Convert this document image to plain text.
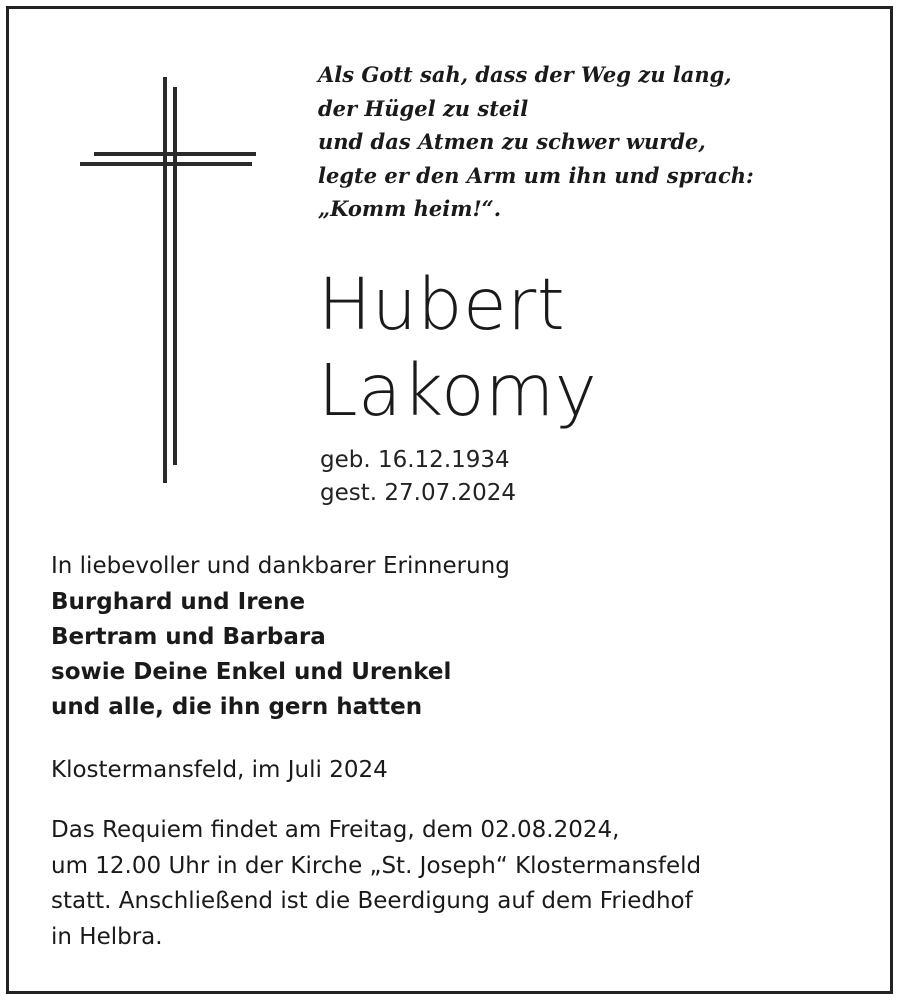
Als Gott sah, dass der Weg zu lang,
der Hügel zu steil
und das Atmen zu schwer wurde,
legte er den Arm um ihn und sprach:
„Komm heim!“.
Hubert
Lakomy
geb. 16.12.1934
gest. 27.07.2024
In liebevoller und dankbarer Erinnerung
Burghard und Irene
Bertram und Barbara
sowie Deine Enkel und Urenkel
und alle, die ihn gern hatten
Klostermansfeld, im Juli 2024
Das Requiem findet am Freitag, dem 02.08.2024,
um 12.00 Uhr in der Kirche „St. Joseph“ Klostermansfeld
statt. Anschließend ist die Beerdigung auf dem Friedhof
in Helbra.
